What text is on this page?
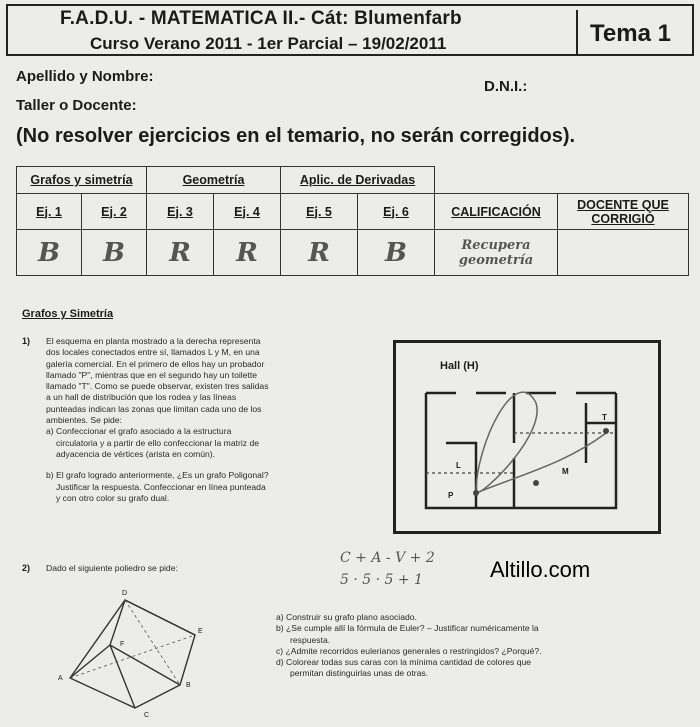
F.A.D.U. - MATEMATICA II.- Cát: Blumenfarb
Curso Verano 2011 - 1er Parcial – 19/02/2011	Tema 1
Apellido y Nombre:
D.N.I.:
Taller o Docente:
(No resolver ejercicios en el temario, no serán corregidos).
Grafos y simetría		Geometría		Aplic. de Derivadas			
Ej. 1	Ej. 2	Ej. 3	Ej. 4	Ej. 5	Ej. 6	CALIFICACIÓN	DOCENTE QUE
CORRIGIÓ
B	B	R	R	R	B	Recupera
geometría	
Grafos y Simetría
1) El esquema en planta mostrado a la derecha representa
dos locales conectados entre sí, llamados L y M, en una
galería comercial. En el primero de ellos hay un probador
llamado "P", mientras que en el segundo hay un toilette
llamado "T". Como se puede observar, existen tres salidas
a un hall de distribución que los rodea y las líneas
punteadas indican las zonas que limitan cada uno de los
ambientes. Se pide:
a) Confeccionar el grafo asociado a la estructura
circulatoria y a partir de ello confeccionar la matriz de
adyacencia de vértices (arista en común).
b) El grafo logrado anteriormente, ¿Es un grafo Poligonal?
Justificar la respuesta. Confeccionar en línea punteada
y con otro color su grafo dual.
Hall (H)
P
M
L
T
2) Dado el siguiente poliedro se pide:
C + A - V + 2
5 · 5 · 5 + 1	Altillo.com
D
E
F
A
B
C
a) Construir su grafo plano asociado.
b) ¿Se cumple allí la fórmula de Euler? – Justificar numéricamente la
respuesta.
c) ¿Admite recorridos eulerianos generales o restringidos? ¿Porqué?.
d) Colorear todas sus caras con la mínima cantidad de colores que
permitan distinguirlas unas de otras.
